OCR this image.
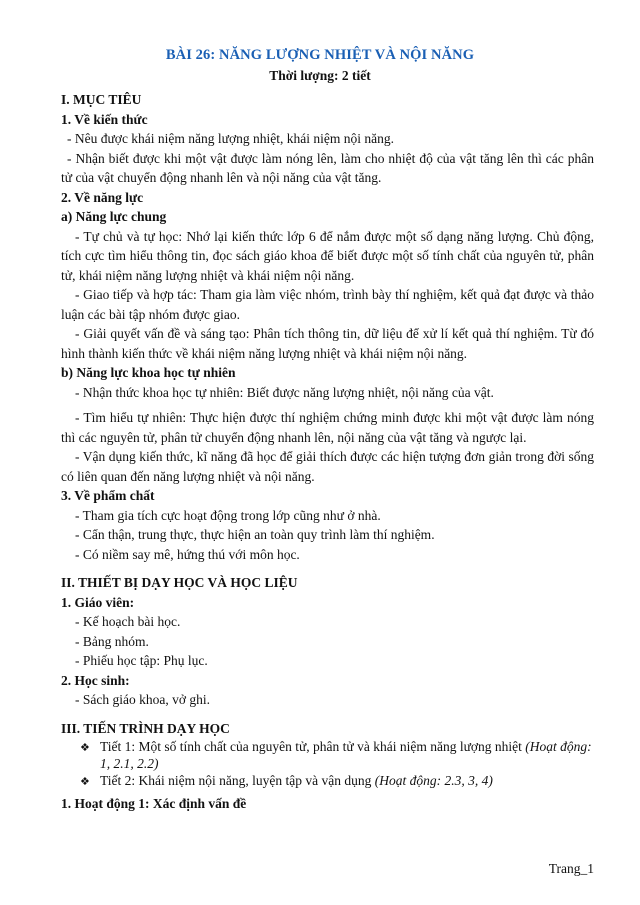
BÀI 26: NĂNG LƯỢNG NHIỆT VÀ NỘI NĂNG
Thời lượng: 2 tiết

I. MỤC TIÊU

1. Về kiến thức

- Nêu được khái niệm năng lượng nhiệt, khái niệm nội năng.

- Nhận biết được khi một vật được làm nóng lên, làm cho nhiệt độ của vật tăng lên thì các phân tử của vật chuyển động nhanh lên và nội năng của vật tăng.

2. Về năng lực

a) Năng lực chung

- Tự chủ và tự học: Nhớ lại kiến thức lớp 6 để nắm được một số dạng năng lượng. Chủ động, tích cực tìm hiểu thông tin, đọc sách giáo khoa để biết được một số tính chất của nguyên tử, phân tử, khái niệm năng lượng nhiệt và khái niệm nội năng.

- Giao tiếp và hợp tác: Tham gia làm việc nhóm, trình bày thí nghiệm, kết quả đạt được và thảo luận các bài tập nhóm được giao.

- Giải quyết vấn đề và sáng tạo: Phân tích thông tin, dữ liệu để xử lí kết quả thí nghiệm. Từ đó hình thành kiến thức về khái niệm năng lượng nhiệt và khái niệm nội năng.

b) Năng lực khoa học tự nhiên

- Nhận thức khoa học tự nhiên: Biết được năng lượng nhiệt, nội năng của vật.

- Tìm hiểu tự nhiên: Thực hiện được thí nghiệm chứng minh được khi một vật được làm nóng thì các nguyên tử, phân tử chuyển động nhanh lên, nội năng của vật tăng và ngược lại.

- Vận dụng kiến thức, kĩ năng đã học để giải thích được các hiện tượng đơn giản trong đời sống có liên quan đến năng lượng nhiệt và nội năng.

3. Về phẩm chất

- Tham gia tích cực hoạt động trong lớp cũng như ở nhà.

- Cẩn thận, trung thực, thực hiện an toàn quy trình làm thí nghiệm.

- Có niềm say mê, hứng thú với môn học.

II. THIẾT BỊ DẠY HỌC VÀ HỌC LIỆU

1. Giáo viên:

- Kế hoạch bài học.

- Bảng nhóm.

- Phiếu học tập: Phụ lục.

2. Học sinh:

- Sách giáo khoa, vở ghi.

III. TIẾN TRÌNH DẠY HỌC

❖ Tiết 1: Một số tính chất của nguyên tử, phân tử và khái niệm năng lượng nhiệt (Hoạt động: 1, 2.1, 2.2)
❖ Tiết 2: Khái niệm nội năng, luyện tập và vận dụng (Hoạt động: 2.3, 3, 4)

1. Hoạt động 1: Xác định vấn đề

Trang_1
